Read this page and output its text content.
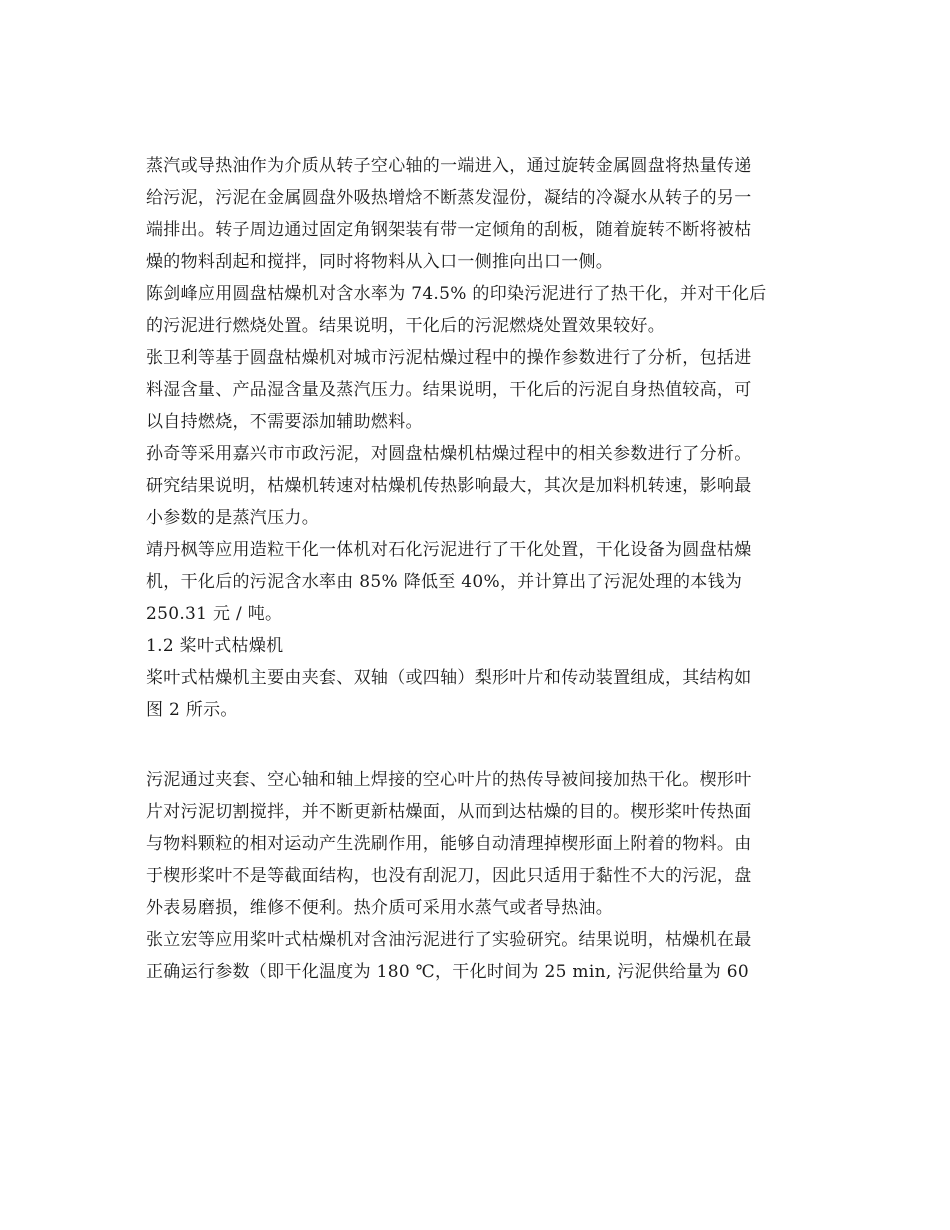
蒸汽或导热油作为介质从转子空心轴的一端进入，通过旋转金属圆盘将热量传递
给污泥，污泥在金属圆盘外吸热增焓不断蒸发湿份，凝结的冷凝水从转子的另一
端排出。转子周边通过固定角钢架装有带一定倾角的刮板，随着旋转不断将被枯
燥的物料刮起和搅拌，同时将物料从入口一侧推向出口一侧。
陈剑峰应用圆盘枯燥机对含水率为 74.5% 的印染污泥进行了热干化，并对干化后
的污泥进行燃烧处置。结果说明，干化后的污泥燃烧处置效果较好。
张卫利等基于圆盘枯燥机对城市污泥枯燥过程中的操作参数进行了分析，包括进
料湿含量、产品湿含量及蒸汽压力。结果说明，干化后的污泥自身热值较高，可
以自持燃烧，不需要添加辅助燃料。
孙奇等采用嘉兴市市政污泥，对圆盘枯燥机枯燥过程中的相关参数进行了分析。
研究结果说明，枯燥机转速对枯燥机传热影响最大，其次是加料机转速，影响最
小参数的是蒸汽压力。
靖丹枫等应用造粒干化一体机对石化污泥进行了干化处置，干化设备为圆盘枯燥
机，干化后的污泥含水率由 85% 降低至 40%，并计算出了污泥处理的本钱为
250.31 元 / 吨。
1.2 桨叶式枯燥机
桨叶式枯燥机主要由夹套、双轴（或四轴）梨形叶片和传动装置组成，其结构如
图 2 所示。
污泥通过夹套、空心轴和轴上焊接的空心叶片的热传导被间接加热干化。楔形叶
片对污泥切割搅拌，并不断更新枯燥面，从而到达枯燥的目的。楔形桨叶传热面
与物料颗粒的相对运动产生洗刷作用，能够自动清理掉楔形面上附着的物料。由
于楔形桨叶不是等截面结构，也没有刮泥刀，因此只适用于黏性不大的污泥，盘
外表易磨损，维修不便利。热介质可采用水蒸气或者导热油。
张立宏等应用桨叶式枯燥机对含油污泥进行了实验研究。结果说明，枯燥机在最
正确运行参数（即干化温度为 180 ℃，干化时间为 25 min, 污泥供给量为 60
